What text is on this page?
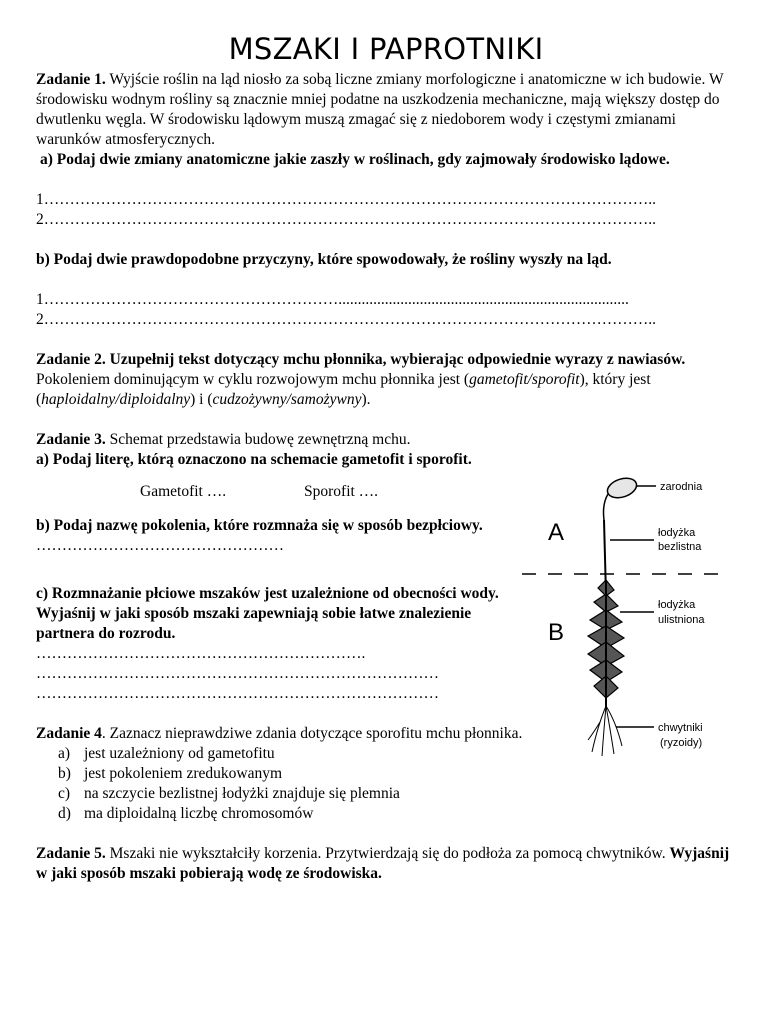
MSZAKI I PAPROTNIKI

Zadanie 1. Wyjście roślin na ląd niosło za sobą liczne zmiany morfologiczne i anatomiczne w ich budowie. W środowisku wodnym rośliny są znacznie mniej podatne na uszkodzenia mechaniczne, mają większy dostęp do dwutlenku węgla. W środowisku lądowym muszą zmagać się z niedoborem wody i częstymi zmianami warunków atmosferycznych.

a) Podaj dwie zmiany anatomiczne jakie zaszły w roślinach, gdy zajmowały środowisko lądowe.

1………………………………………………………………………………………………………..
2………………………………………………………………………………………………………..

b) Podaj dwie prawdopodobne przyczyny, które spowodowały, że rośliny wyszły na ląd.

1…………………………………………………...........................................................................
2………………………………………………………………………………………………………..

Zadanie 2. Uzupełnij tekst dotyczący mchu płonnika, wybierając odpowiednie wyrazy z nawiasów.

Pokoleniem dominującym w cyklu rozwojowym mchu płonnika jest (gametofit/sporofit), który jest (haploidalny/diploidalny) i (cudzożywny/samożywny).

Zadanie 3. Schemat przedstawia budowę zewnętrzną mchu.

a) Podaj literę, którą oznaczono na schemacie gametofit i sporofit.

Gametofit ….	Sporofit ….

b) Podaj nazwę pokolenia, które rozmnaża się w sposób bezpłciowy.

…………………………………………

c) Rozmnażanie płciowe mszaków jest uzależnione od obecności wody. Wyjaśnij w jaki sposób mszaki zapewniają sobie łatwe znalezienie partnera do rozrodu.

……………………………………………………….
……………………………………………………………………
……………………………………………………………………

Zadanie 4. Zaznacz nieprawdziwe zdania dotyczące sporofitu mchu płonnika.

a) jest uzależniony od gametofitu
b) jest pokoleniem zredukowanym
c) na szczycie bezlistnej łodyżki znajduje się plemnia
d) ma diploidalną liczbę chromosomów

Zadanie 5. Mszaki nie wykształciły korzenia. Przytwierdzają się do podłoża za pomocą chwytników. Wyjaśnij w jaki sposób mszaki pobierają wodę ze środowiska.

A
B
zarodnia
łodyżka
bezlistna
łodyżka
ulistniona
chwytniki
(ryzoidy)
